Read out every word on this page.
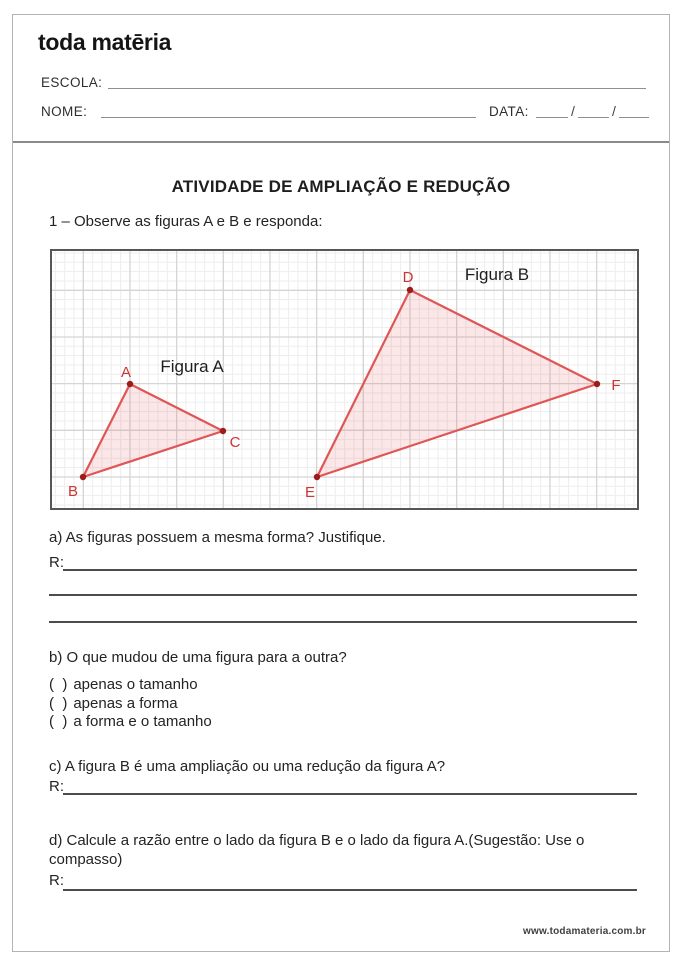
toda matēria
ESCOLA:
NOME:	DATA:	/	/
ATIVIDADE DE AMPLIAÇÃO E REDUÇÃO

1 – Observe as figuras A e B e responda:

A
B
C
Figura A
D
E
F
Figura B

a) As figuras possuem a mesma forma? Justifique.

R:

b) O que mudou de uma figura para a outra?

(  ) apenas o tamanho
(  ) apenas a forma
(  ) a forma e o tamanho

c) A figura B é uma ampliação ou uma redução da figura A?

R:

d) Calcule a razão entre o lado da figura B e o lado da figura A.(Sugestão: Use o compasso)

R:
www.todamateria.com.br
